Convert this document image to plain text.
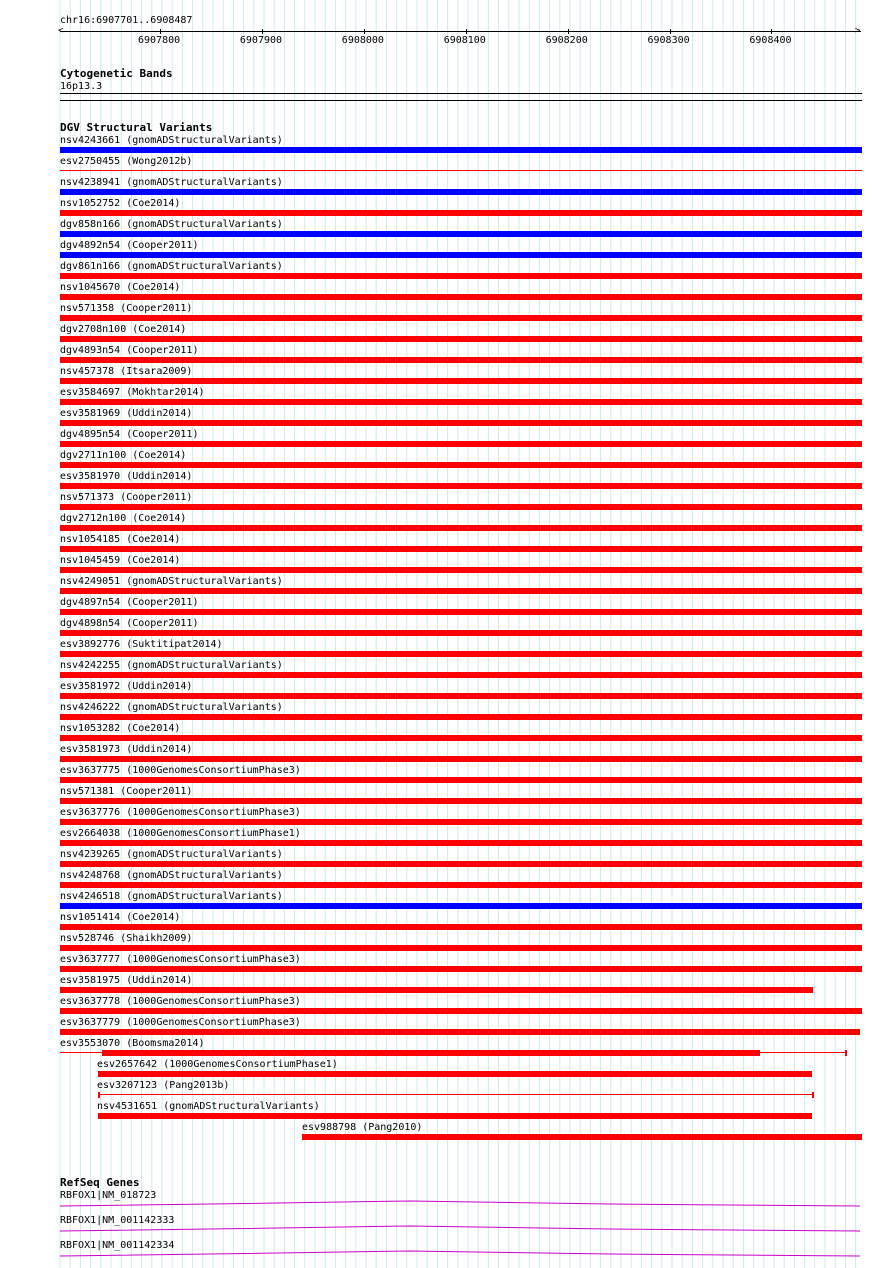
chr16:6907701..6908487
<	>
6907800	6907900	6908000	6908100	6908200	6908300	6908400
Cytogenetic Bands
16p13.3
DGV Structural Variants
nsv4243661 (gnomADStructuralVariants)
esv2750455 (Wong2012b)
nsv4238941 (gnomADStructuralVariants)
nsv1052752 (Coe2014)
dgv858n166 (gnomADStructuralVariants)
dgv4892n54 (Cooper2011)
dgv861n166 (gnomADStructuralVariants)
nsv1045670 (Coe2014)
nsv571358 (Cooper2011)
dgv2708n100 (Coe2014)
dgv4893n54 (Cooper2011)
nsv457378 (Itsara2009)
esv3584697 (Mokhtar2014)
esv3581969 (Uddin2014)
dgv4895n54 (Cooper2011)
dgv2711n100 (Coe2014)
esv3581970 (Uddin2014)
nsv571373 (Cooper2011)
dgv2712n100 (Coe2014)
nsv1054185 (Coe2014)
nsv1045459 (Coe2014)
nsv4249051 (gnomADStructuralVariants)
dgv4897n54 (Cooper2011)
dgv4898n54 (Cooper2011)
esv3892776 (Suktitipat2014)
nsv4242255 (gnomADStructuralVariants)
esv3581972 (Uddin2014)
nsv4246222 (gnomADStructuralVariants)
nsv1053282 (Coe2014)
esv3581973 (Uddin2014)
esv3637775 (1000GenomesConsortiumPhase3)
nsv571381 (Cooper2011)
esv3637776 (1000GenomesConsortiumPhase3)
esv2664038 (1000GenomesConsortiumPhase1)
nsv4239265 (gnomADStructuralVariants)
nsv4248768 (gnomADStructuralVariants)
nsv4246518 (gnomADStructuralVariants)
nsv1051414 (Coe2014)
nsv528746 (Shaikh2009)
esv3637777 (1000GenomesConsortiumPhase3)
esv3581975 (Uddin2014)
esv3637778 (1000GenomesConsortiumPhase3)
esv3637779 (1000GenomesConsortiumPhase3)
esv3553070 (Boomsma2014)
esv2657642 (1000GenomesConsortiumPhase1)
esv3207123 (Pang2013b)
nsv4531651 (gnomADStructuralVariants)
esv988798 (Pang2010)
RefSeq Genes
RBFOX1|NM_018723
RBFOX1|NM_001142333
RBFOX1|NM_001142334
